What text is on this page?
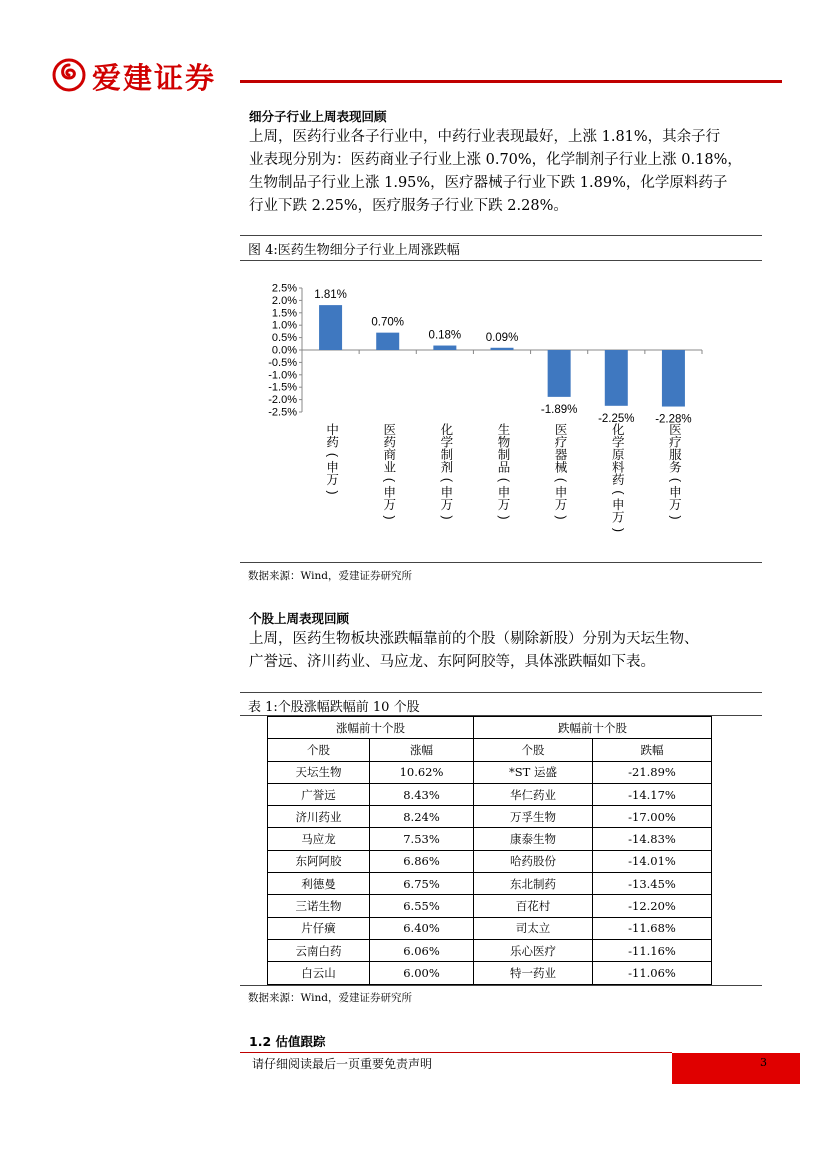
爱建证券
细分子行业上周表现回顾
上周，医药行业各子行业中，中药行业表现最好，上涨 1.81%，其余子行
业表现分别为：医药商业子行业上涨 0.70%，化学制剂子行业上涨 0.18%，
生物制品子行业上涨 1.95%，医疗器械子行业下跌 1.89%，化学原料药子
行业下跌 2.25%，医疗服务子行业下跌 2.28%。
图 4:医药生物细分子行业上周涨跌幅
2.5%
2.0%
1.5%
1.0%
0.5%
0.0%
-0.5%
-1.0%
-1.5%
-2.0%
-2.5%
1.81%
中
药
(
申
万
)
0.70%
医
药
商
业
(
申
万
)
0.18%
化
学
制
剂
(
申
万
)
0.09%
生
物
制
品
(
申
万
)
-1.89%
医
疗
器
械
(
申
万
)
-2.25%
化
学
原
料
药
(
申
万
)
-2.28%
医
疗
服
务
(
申
万
)
数据来源：Wind，爱建证券研究所
个股上周表现回顾
上周，医药生物板块涨跌幅靠前的个股（剔除新股）分别为天坛生物、
广誉远、济川药业、马应龙、东阿阿胶等，具体涨跌幅如下表。
表 1:个股涨幅跌幅前 10 个股
涨幅前十个股		跌幅前十个股	
个股	涨幅	个股	跌幅
天坛生物	10.62%	*ST 运盛	-21.89%
广誉远	8.43%	华仁药业	-14.17%
济川药业	8.24%	万孚生物	-17.00%
马应龙	7.53%	康泰生物	-14.83%
东阿阿胶	6.86%	哈药股份	-14.01%
利德曼	6.75%	东北制药	-13.45%
三诺生物	6.55%	百花村	-12.20%
片仔癀	6.40%	司太立	-11.68%
云南白药	6.06%	乐心医疗	-11.16%
白云山	6.00%	特一药业	-11.06%
数据来源：Wind，爱建证券研究所
1.2 估值跟踪
请仔细阅读最后一页重要免责声明	3
